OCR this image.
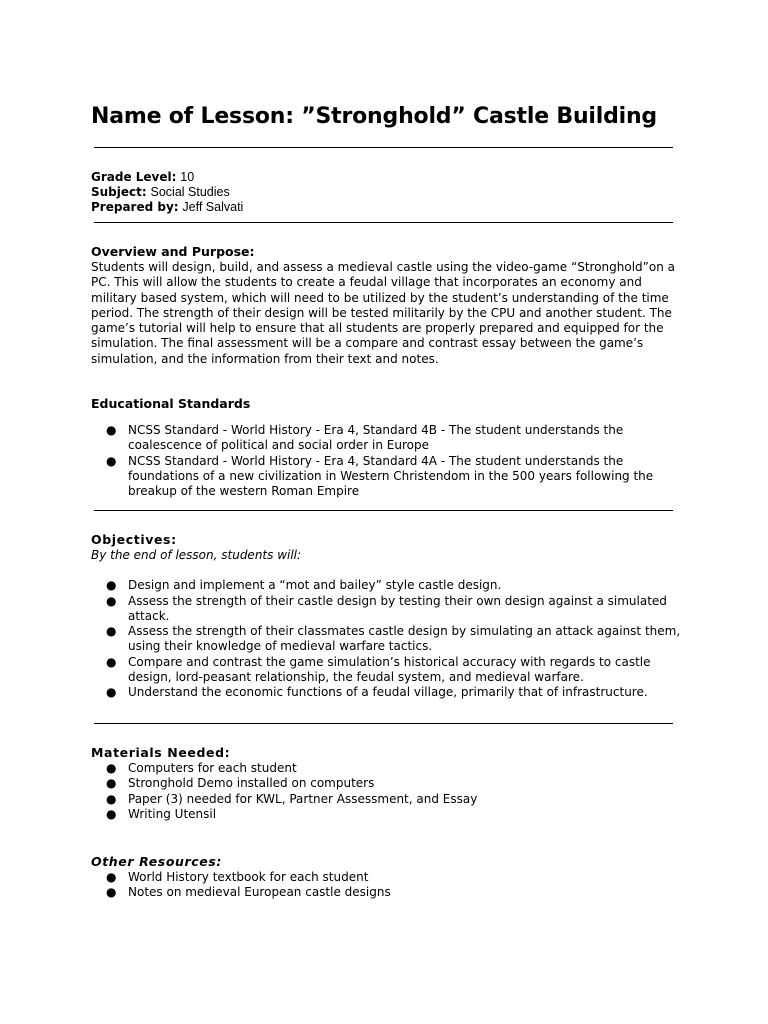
Name of Lesson: ”Stronghold” Castle Building
Grade Level: 10
Subject: Social Studies
Prepared by: Jeff Salvati
Overview and Purpose:
Students will design, build, and assess a medieval castle using the video-game “Stronghold”on a PC. This will allow the students to create a feudal village that incorporates an economy and military based system, which will need to be utilized by the student’s understanding of the time period. The strength of their design will be tested militarily by the CPU and another student. The game’s tutorial will help to ensure that all students are properly prepared and equipped for the simulation. The final assessment will be a compare and contrast essay between the game’s simulation, and the information from their text and notes.
Educational Standards
● NCSS Standard - World History - Era 4, Standard 4B - The student understands the coalescence of political and social order in Europe
● NCSS Standard - World History - Era 4, Standard 4A - The student understands the foundations of a new civilization in Western Christendom in the 500 years following the breakup of the western Roman Empire
Objectives:
By the end of lesson, students will:
● Design and implement a “mot and bailey” style castle design.
● Assess the strength of their castle design by testing their own design against a simulated attack.
● Assess the strength of their classmates castle design by simulating an attack against them, using their knowledge of medieval warfare tactics.
● Compare and contrast the game simulation’s historical accuracy with regards to castle design, lord-peasant relationship, the feudal system, and medieval warfare.
● Understand the economic functions of a feudal village, primarily that of infrastructure.
Materials Needed:
● Computers for each student
● Stronghold Demo installed on computers
● Paper (3) needed for KWL, Partner Assessment, and Essay
● Writing Utensil
Other Resources:
● World History textbook for each student
● Notes on medieval European castle designs
